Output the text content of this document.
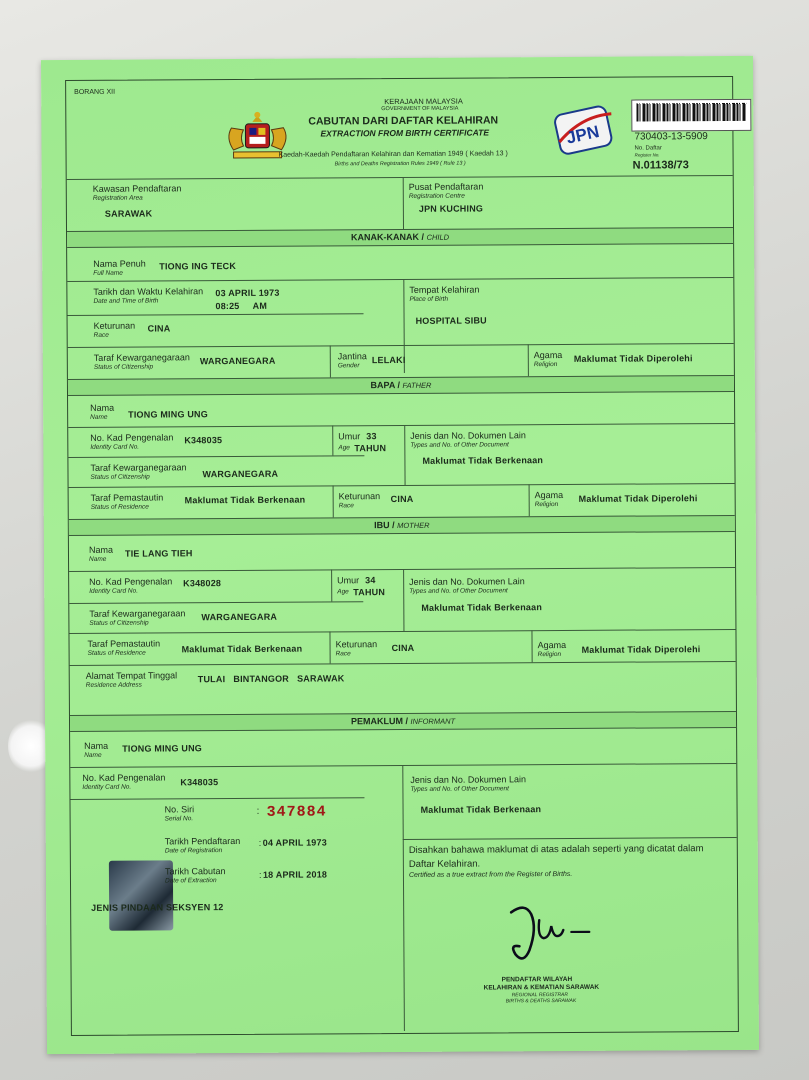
BORANG XII
KERAJAAN MALAYSIA
GOVERNMENT OF MALAYSIA
CABUTAN DARI DAFTAR KELAHIRAN
EXTRACTION FROM BIRTH CERTIFICATE
Kaedah-Kaedah Pendaftaran Kelahiran dan Kematian 1949 ( Kaedah 13 )
Births and Deaths Registration Rules 1949 ( Rule 13 )
JPN	730403-13-5909
No. Daftar
Register No.
N.01138/73
Kawasan Pendaftaran
Registration Area
SARAWAK
Pusat Pendaftaran
Registration Centre
JPN KUCHING
KANAK-KANAK / CHILD
Nama Penuh
Full Name
TIONG ING TECK
Tarikh dan Waktu Kelahiran
Date and Time of Birth
03 APRIL 1973
08:25     AM
Tempat Kelahiran
Place of Birth
HOSPITAL SIBU
Keturunan
Race
CINA
Taraf Kewarganegaraan
Status of Citizenship
WARGANEGARA	Jantina
Gender
LELAKI	Agama
Religion
Maklumat Tidak Diperolehi
BAPA / FATHER
Nama
Name TIONG MING UNG
No. Kad Pengenalan
Identity Card No.
K348035	Umur 33
Age TAHUN
Jenis dan No. Dokumen Lain
Types and No. of Other Document
Maklumat Tidak Berkenaan
Taraf Kewarganegaraan
Status of Citizenship	WARGANEGARA
Taraf Pemastautin
Status of Residence
Maklumat Tidak Berkenaan	Keturunan
Race
CINA	Agama
Religion
Maklumat Tidak Diperolehi
IBU / MOTHER
Nama
Name
TIE LANG TIEH
No. Kad Pengenalan
Identity Card No.
K348028	Umur 34
Age TAHUN
Jenis dan No. Dokumen Lain
Types and No. of Other Document
Maklumat Tidak Berkenaan
Taraf Kewarganegaraan
Status of Citizenship
WARGANEGARA
Taraf Pemastautin
Status of Residence	Maklumat Tidak Berkenaan	Keturunan
Race
CINA	Agama
Religion Maklumat Tidak Diperolehi
Alamat Tempat Tinggal
Residence Address
TULAI   BINTANGOR   SARAWAK
PEMAKLUM / INFORMANT
Nama
Name
TIONG MING UNG
No. Kad Pengenalan
Identity Card No.	K348035	Jenis dan No. Dokumen Lain
Types and No. of Other Document
Maklumat Tidak Berkenaan
No. Siri
Serial No.
: 347884
Tarikh Pendaftaran
Date of Registration
: 04 APRIL 1973
Tarikh Cabutan
Date of Extraction
: 18 APRIL 2018
JENIS PINDAAN SEKSYEN 12
Disahkan bahawa maklumat di atas adalah seperti yang dicatat dalam
Daftar Kelahiran.
Certified as a true extract from the Register of Births.
PENDAFTAR WILAYAH
KELAHIRAN & KEMATIAN SARAWAK
REGIONAL REGISTRAR
BIRTHS & DEATHS SARAWAK
